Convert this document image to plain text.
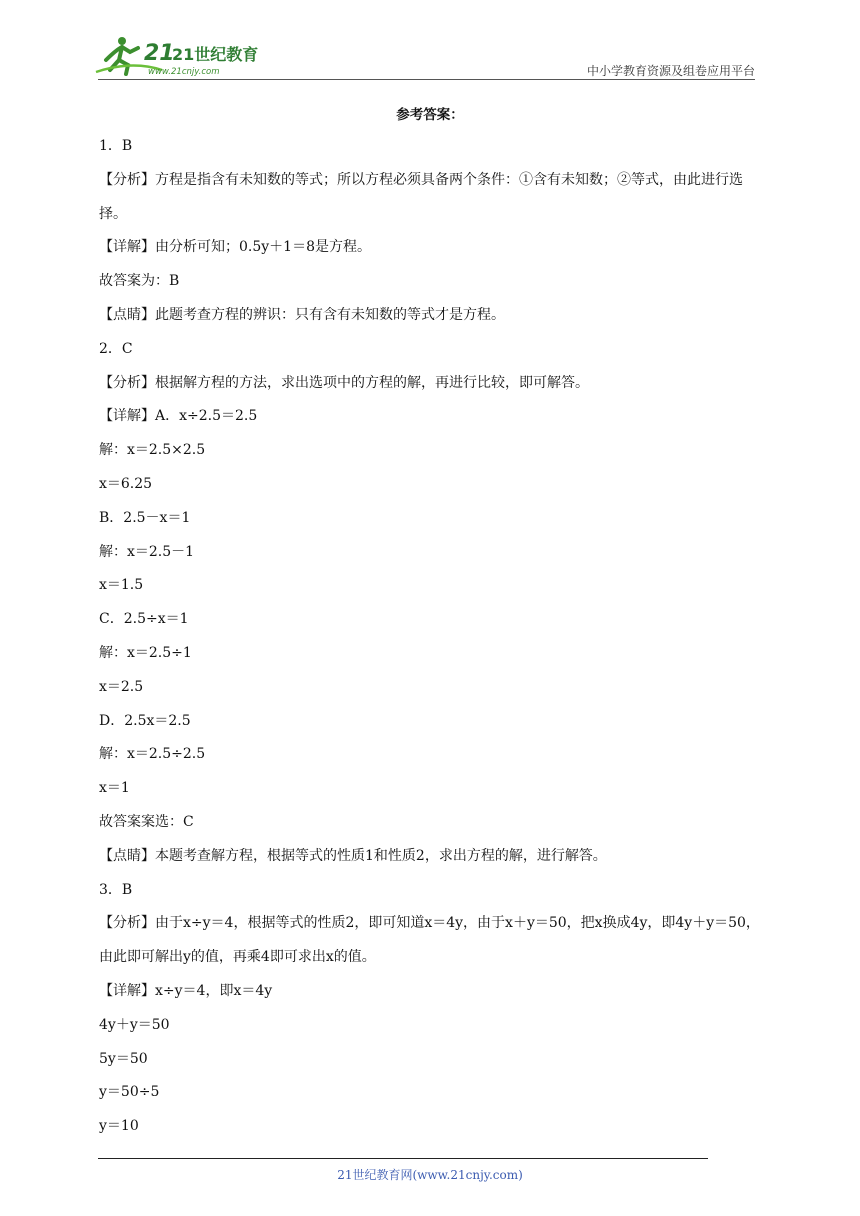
21
21世纪教育
www.21cnjy.com	中小学教育资源及组卷应用平台
参考答案：
1．B
【分析】方程是指含有未知数的等式；所以方程必须具备两个条件：①含有未知数；②等式，由此进行选择。
【详解】由分析可知；0.5y＋1＝8是方程。
故答案为：B
【点睛】此题考查方程的辨识：只有含有未知数的等式才是方程。
2．C
【分析】根据解方程的方法，求出选项中的方程的解，再进行比较，即可解答。
【详解】A．x÷2.5＝2.5
解：x＝2.5×2.5
x＝6.25
B．2.5－x＝1
解：x＝2.5－1
x＝1.5
C．2.5÷x＝1
解：x＝2.5÷1
x＝2.5
D．2.5x＝2.5
解：x＝2.5÷2.5
x＝1
故答案案选：C
【点睛】本题考查解方程，根据等式的性质1和性质2，求出方程的解，进行解答。
3．B
【分析】由于x÷y＝4，根据等式的性质2，即可知道x＝4y，由于x＋y＝50，把x换成4y，即4y＋y＝50，由此即可解出y的值，再乘4即可求出x的值。
【详解】x÷y＝4，即x＝4y
4y＋y＝50
5y＝50
y＝50÷5
y＝10
21世纪教育网(www.21cnjy.com)
